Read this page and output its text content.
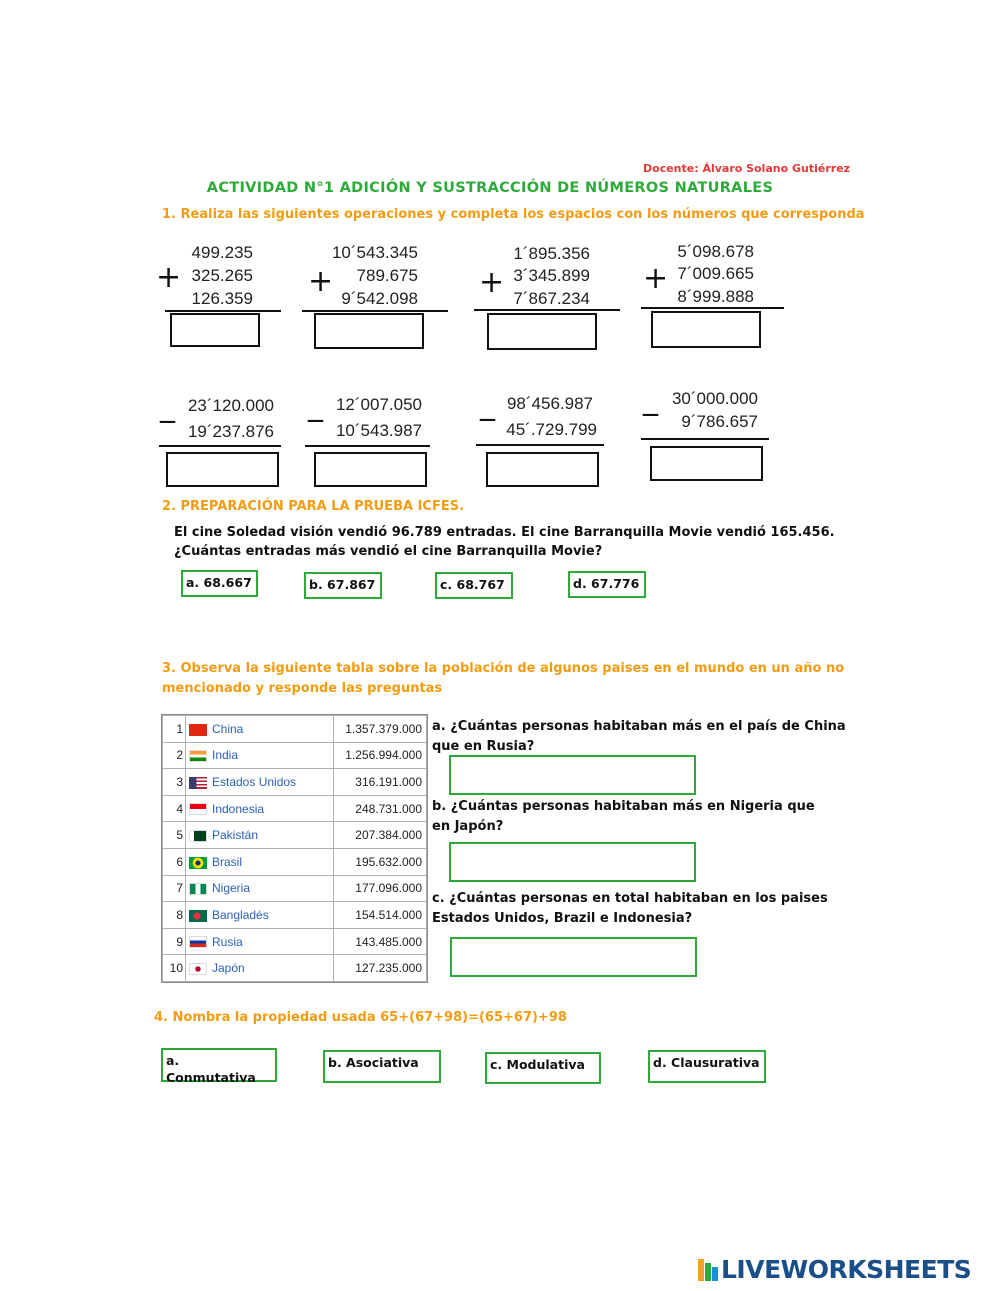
Docente: Álvaro Solano Gutiérrez
ACTIVIDAD N°1 ADICIÓN Y SUSTRACCIÓN DE NÚMEROS NATURALES
1. Realiza las siguientes operaciones y completa los espacios con los números que corresponda
+
499.235
325.265
126.359 +
10´543.345
789.675
9´542.098 +
1´895.356
3´345.899
7´867.234
+
5´098.678
7´009.665
8´999.888
_ 23´120.000
19´237.876
_ 12´007.050
10´543.987
_ 98´456.987
45´.729.799
_ 30´000.000
9´786.657
2. PREPARACIÓN PARA LA PRUEBA ICFES.
El cine Soledad visión vendió 96.789 entradas. El cine Barranquilla Movie vendió 165.456.
¿Cuántas entradas más vendió el cine Barranquilla Movie?
a. 68.667	b. 67.867	c. 68.767	d. 67.776
3. Observa la siguiente tabla sobre la población de algunos paises en el mundo en un año no
mencionado y responde las preguntas
1	China	1.357.379.000
2	India	1.256.994.000
3	Estados Unidos	316.191.000
4	Indonesia	248.731.000
5	Pakistán	207.384.000
6	Brasil	195.632.000
7	Nigeria	177.096.000
8	Bangladés	154.514.000
9	Rusia	143.485.000
10	Japón	127.235.000
a. ¿Cuántas personas habitaban más en el país de China
que en Rusia?
b. ¿Cuántas personas habitaban más en Nigeria que
en Japón?
c. ¿Cuántas personas en total habitaban en los paises
Estados Unidos, Brazil e Indonesia?
4. Nombra la propiedad usada 65+(67+98)=(65+67)+98
a. Conmutativa
b. Asociativa	c. Modulativa	d. Clausurativa
LIVEWORKSHEETS
